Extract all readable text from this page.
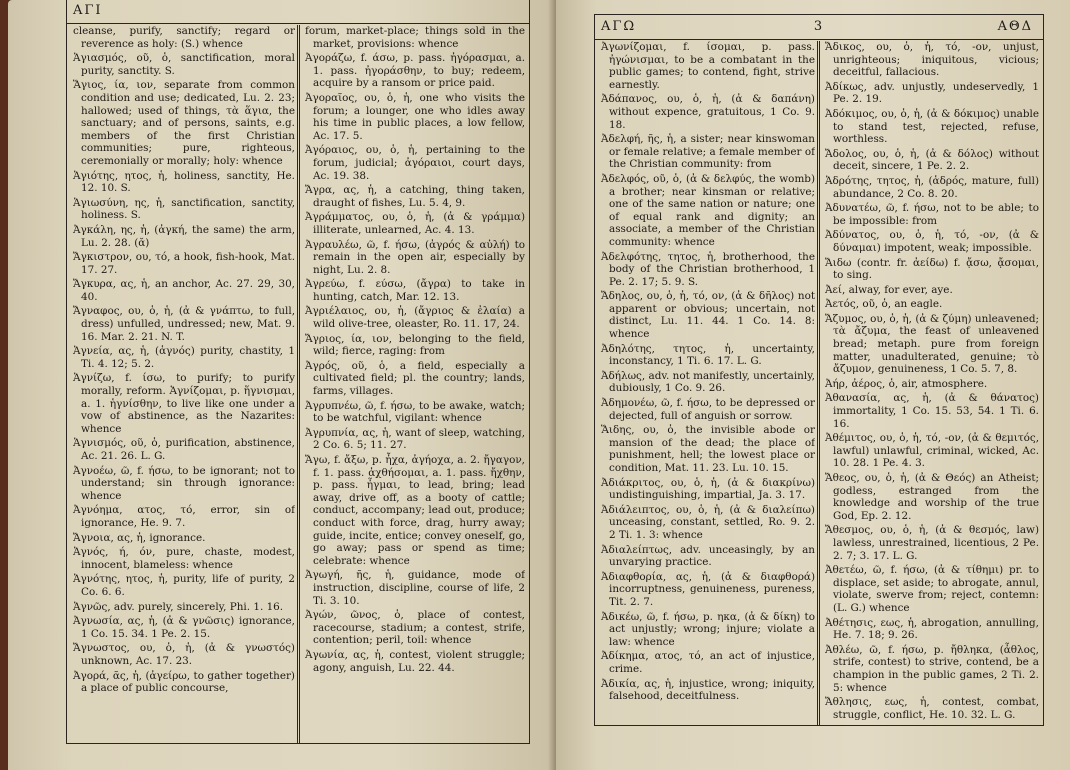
ΑΓΙ

cleanse, purify, sanctify; regard or reverence as holy: (S.) whence

Ἁγιασμός, οῦ, ὁ, sanctification, moral purity, sanctity. S.

Ἅγιος, ία, ιον, separate from common condition and use; dedicated, Lu. 2. 23; hallowed; used of things, τὰ ἅγια, the sanctuary; and of persons, saints, e.g. members of the first Christian communities; pure, righteous, ceremonially or morally; holy: whence

Ἁγιότης, ητος, ἡ, holiness, sanctity, He. 12. 10. S.

Ἁγιωσύνη, ης, ἡ, sanctification, sanctity, holiness. S.

Ἀγκάλη, ης, ἡ, (ἀγκή, the same) the arm, Lu. 2. 28. (ᾰ)

Ἄγκιστρον, ου, τό, a hook, fish-hook, Mat. 17. 27.

Ἄγκυρα, ας, ἡ, an anchor, Ac. 27. 29, 30, 40.

Ἄγναφος, ου, ὁ, ἡ, (ἀ & γνάπτω, to full, dress) unfulled, undressed; new, Mat. 9. 16. Mar. 2. 21. N. T.

Ἁγνεία, ας, ἡ, (ἁγνός) purity, chastity, 1 Ti. 4. 12; 5. 2.

Ἁγνίζω, f. ίσω, to purify; to purify morally, reform. Ἁγνίζομαι, p. ἥγνισμαι, a. 1. ἡγνίσθην, to live like one under a vow of abstinence, as the Nazarites: whence

Ἁγνισμός, οῦ, ὁ, purification, abstinence, Ac. 21. 26. L. G.

Ἀγνοέω, ῶ, f. ήσω, to be ignorant; not to understand; sin through ignorance: whence

Ἀγνόημα, ατος, τό, error, sin of ignorance, He. 9. 7.

Ἄγνοια, ας, ἡ, ignorance.

Ἁγνός, ή, όν, pure, chaste, modest, innocent, blameless: whence

Ἁγνότης, ητος, ἡ, purity, life of purity, 2 Co. 6. 6.

Ἁγνῶς, adv. purely, sincerely, Phi. 1. 16.

Ἀγνωσία, ας, ἡ, (ἀ & γνῶσις) ignorance, 1 Co. 15. 34. 1 Pe. 2. 15.

Ἄγνωστος, ου, ὁ, ἡ, (ἀ & γνωστός) unknown, Ac. 17. 23.

Ἀγορά, ᾶς, ἡ, (ἀγείρω, to gather together) a place of public concourse,

forum, market-place; things sold in the market, provisions: whence

Ἀγοράζω, f. άσω, p. pass. ἠγόρασμαι, a. 1. pass. ἠγοράσθην, to buy; redeem, acquire by a ransom or price paid.

Ἀγοραῖος, ου, ὁ, ἡ, one who visits the forum; a lounger, one who idles away his time in public places, a low fellow, Ac. 17. 5.

Ἀγόραιος, ου, ὁ, ἡ, pertaining to the forum, judicial; ἀγόραιοι, court days, Ac. 19. 38.

Ἄγρα, ας, ἡ, a catching, thing taken, draught of fishes, Lu. 5. 4, 9.

Ἀγράμματος, ου, ὁ, ἡ, (ἀ & γράμμα) illiterate, unlearned, Ac. 4. 13.

Ἀγραυλέω, ῶ, f. ήσω, (ἀγρός & αὐλή) to remain in the open air, especially by night, Lu. 2. 8.

Ἀγρεύω, f. εύσω, (ἄγρα) to take in hunting, catch, Mar. 12. 13.

Ἀγριέλαιος, ου, ἡ, (ἄγριος & ἐλαία) a wild olive-tree, oleaster, Ro. 11. 17, 24.

Ἄγριος, ία, ιον, belonging to the field, wild; fierce, raging: from

Ἀγρός, οῦ, ὁ, a field, especially a cultivated field; pl. the country; lands, farms, villages.

Ἀγρυπνέω, ῶ, f. ήσω, to be awake, watch; to be watchful, vigilant: whence

Ἀγρυπνία, ας, ἡ, want of sleep, watching, 2 Co. 6. 5; 11. 27.

Ἄγω, f. ἄξω, p. ἦχα, ἀγήοχα, a. 2. ἤγαγον, f. 1. pass. ἀχθήσομαι, a. 1. pass. ἤχθην, p. pass. ἦγμαι, to lead, bring; lead away, drive off, as a booty of cattle; conduct, accompany; lead out, produce; conduct with force, drag, hurry away; guide, incite, entice; convey oneself, go, go away; pass or spend as time; celebrate: whence

Ἀγωγή, ῆς, ἡ, guidance, mode of instruction, discipline, course of life, 2 Ti. 3. 10.

Ἀγών, ῶνος, ὁ, place of contest, racecourse, stadium; a contest, strife, contention; peril, toil: whence

Ἀγωνία, ας, ἡ, contest, violent struggle; agony, anguish, Lu. 22. 44.

ΑΓΩ	3	ΑΘΔ

Ἀγωνίζομαι, f. ίσομαι, p. pass. ἠγώνισμαι, to be a combatant in the public games; to contend, fight, strive earnestly.

Ἀδάπανος, ου, ὁ, ἡ, (ἀ & δαπάνη) without expence, gratuitous, 1 Co. 9. 18.

Ἀδελφή, ῆς, ἡ, a sister; near kinswoman or female relative; a female member of the Christian community: from

Ἀδελφός, οῦ, ὁ, (ἀ & δελφύς, the womb) a brother; near kinsman or relative; one of the same nation or nature; one of equal rank and dignity; an associate, a member of the Christian community: whence

Ἀδελφότης, τητος, ἡ, brotherhood, the body of the Christian brotherhood, 1 Pe. 2. 17; 5. 9. S.

Ἄδηλος, ου, ὁ, ἡ, τό, ον, (ἀ & δῆλος) not apparent or obvious; uncertain, not distinct, Lu. 11. 44. 1 Co. 14. 8: whence

Ἀδηλότης, τητος, ἡ, uncertainty, inconstancy, 1 Ti. 6. 17. L. G.

Ἀδήλως, adv. not manifestly, uncertainly, dubiously, 1 Co. 9. 26.

Ἀδημονέω, ῶ, f. ήσω, to be depressed or dejected, full of anguish or sorrow.

Ἅιδης, ου, ὁ, the invisible abode or mansion of the dead; the place of punishment, hell; the lowest place or condition, Mat. 11. 23. Lu. 10. 15.

Ἀδιάκριτος, ου, ὁ, ἡ, (ἀ & διακρίνω) undistinguishing, impartial, Ja. 3. 17.

Ἀδιάλειπτος, ου, ὁ, ἡ, (ἀ & διαλείπω) unceasing, constant, settled, Ro. 9. 2. 2 Ti. 1. 3: whence

Ἀδιαλείπτως, adv. unceasingly, by an unvarying practice.

Ἀδιαφθορία, ας, ἡ, (ἀ & διαφθορά) incorruptness, genuineness, pureness, Tit. 2. 7.

Ἀδικέω, ῶ, f. ήσω, p. ηκα, (ἀ & δίκη) to act unjustly; wrong; injure; violate a law: whence

Ἀδίκημα, ατος, τό, an act of injustice, crime.

Ἀδικία, ας, ἡ, injustice, wrong; iniquity, falsehood, deceitfulness.

Ἄδικος, ου, ὁ, ἡ, τό, -ον, unjust, unrighteous; iniquitous, vicious; deceitful, fallacious.

Ἀδίκως, adv. unjustly, undeservedly, 1 Pe. 2. 19.

Ἀδόκιμος, ου, ὁ, ἡ, (ἀ & δόκιμος) unable to stand test, rejected, refuse, worthless.

Ἄδολος, ου, ὁ, ἡ, (ἀ & δόλος) without deceit, sincere, 1 Pe. 2. 2.

Ἁδρότης, τητος, ἡ, (ἁδρός, mature, full) abundance, 2 Co. 8. 20.

Ἀδυνατέω, ῶ, f. ήσω, not to be able; to be impossible: from

Ἀδύνατος, ου, ὁ, ἡ, τό, -ον, (ἀ & δύναμαι) impotent, weak; impossible.

Ἄιδω (contr. fr. ἀείδω) f. ᾄσω, ᾄσομαι, to sing.

Ἀεί, alway, for ever, aye.

Ἀετός, οῦ, ὁ, an eagle.

Ἄζυμος, ου, ὁ, ἡ, (ἀ & ζύμη) unleavened; τὰ ἄζυμα, the feast of unleavened bread; metaph. pure from foreign matter, unadulterated, genuine; τὸ ἄζυμον, genuineness, 1 Co. 5. 7, 8.

Ἀήρ, ἀέρος, ὁ, air, atmosphere.

Ἀθανασία, ας, ἡ, (ἀ & θάνατος) immortality, 1 Co. 15. 53, 54. 1 Ti. 6. 16.

Ἀθέμιτος, ου, ὁ, ἡ, τό, -ον, (ἀ & θεμιτός, lawful) unlawful, criminal, wicked, Ac. 10. 28. 1 Pe. 4. 3.

Ἄθεος, ου, ὁ, ἡ, (ἀ & Θεός) an Atheist; godless, estranged from the knowledge and worship of the true God, Ep. 2. 12.

Ἄθεσμος, ου, ὁ, ἡ, (ἀ & θεσμός, law) lawless, unrestrained, licentious, 2 Pe. 2. 7; 3. 17. L. G.

Ἀθετέω, ῶ, f. ήσω, (ἀ & τίθημι) pr. to displace, set aside; to abrogate, annul, violate, swerve from; reject, contemn: (L. G.) whence

Ἀθέτησις, εως, ἡ, abrogation, annulling, He. 7. 18; 9. 26.

Ἀθλέω, ῶ, f. ήσω, p. ἤθληκα, (ἆθλος, strife, contest) to strive, contend, be a champion in the public games, 2 Ti. 2. 5: whence

Ἄθλησις, εως, ἡ, contest, combat, struggle, conflict, He. 10. 32. L. G.
